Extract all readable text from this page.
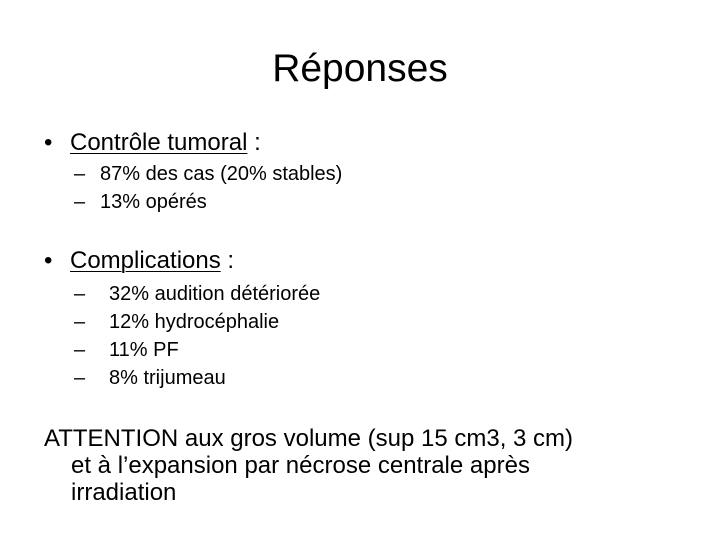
Réponses
• Contrôle tumoral :
– 87% des cas (20% stables)
– 13% opérés
• Complications :
– 32% audition détériorée
– 12% hydrocéphalie
– 11% PF
– 8% trijumeau
ATTENTION aux gros volume (sup 15 cm3, 3 cm)
et à l’expansion par nécrose centrale après
irradiation
